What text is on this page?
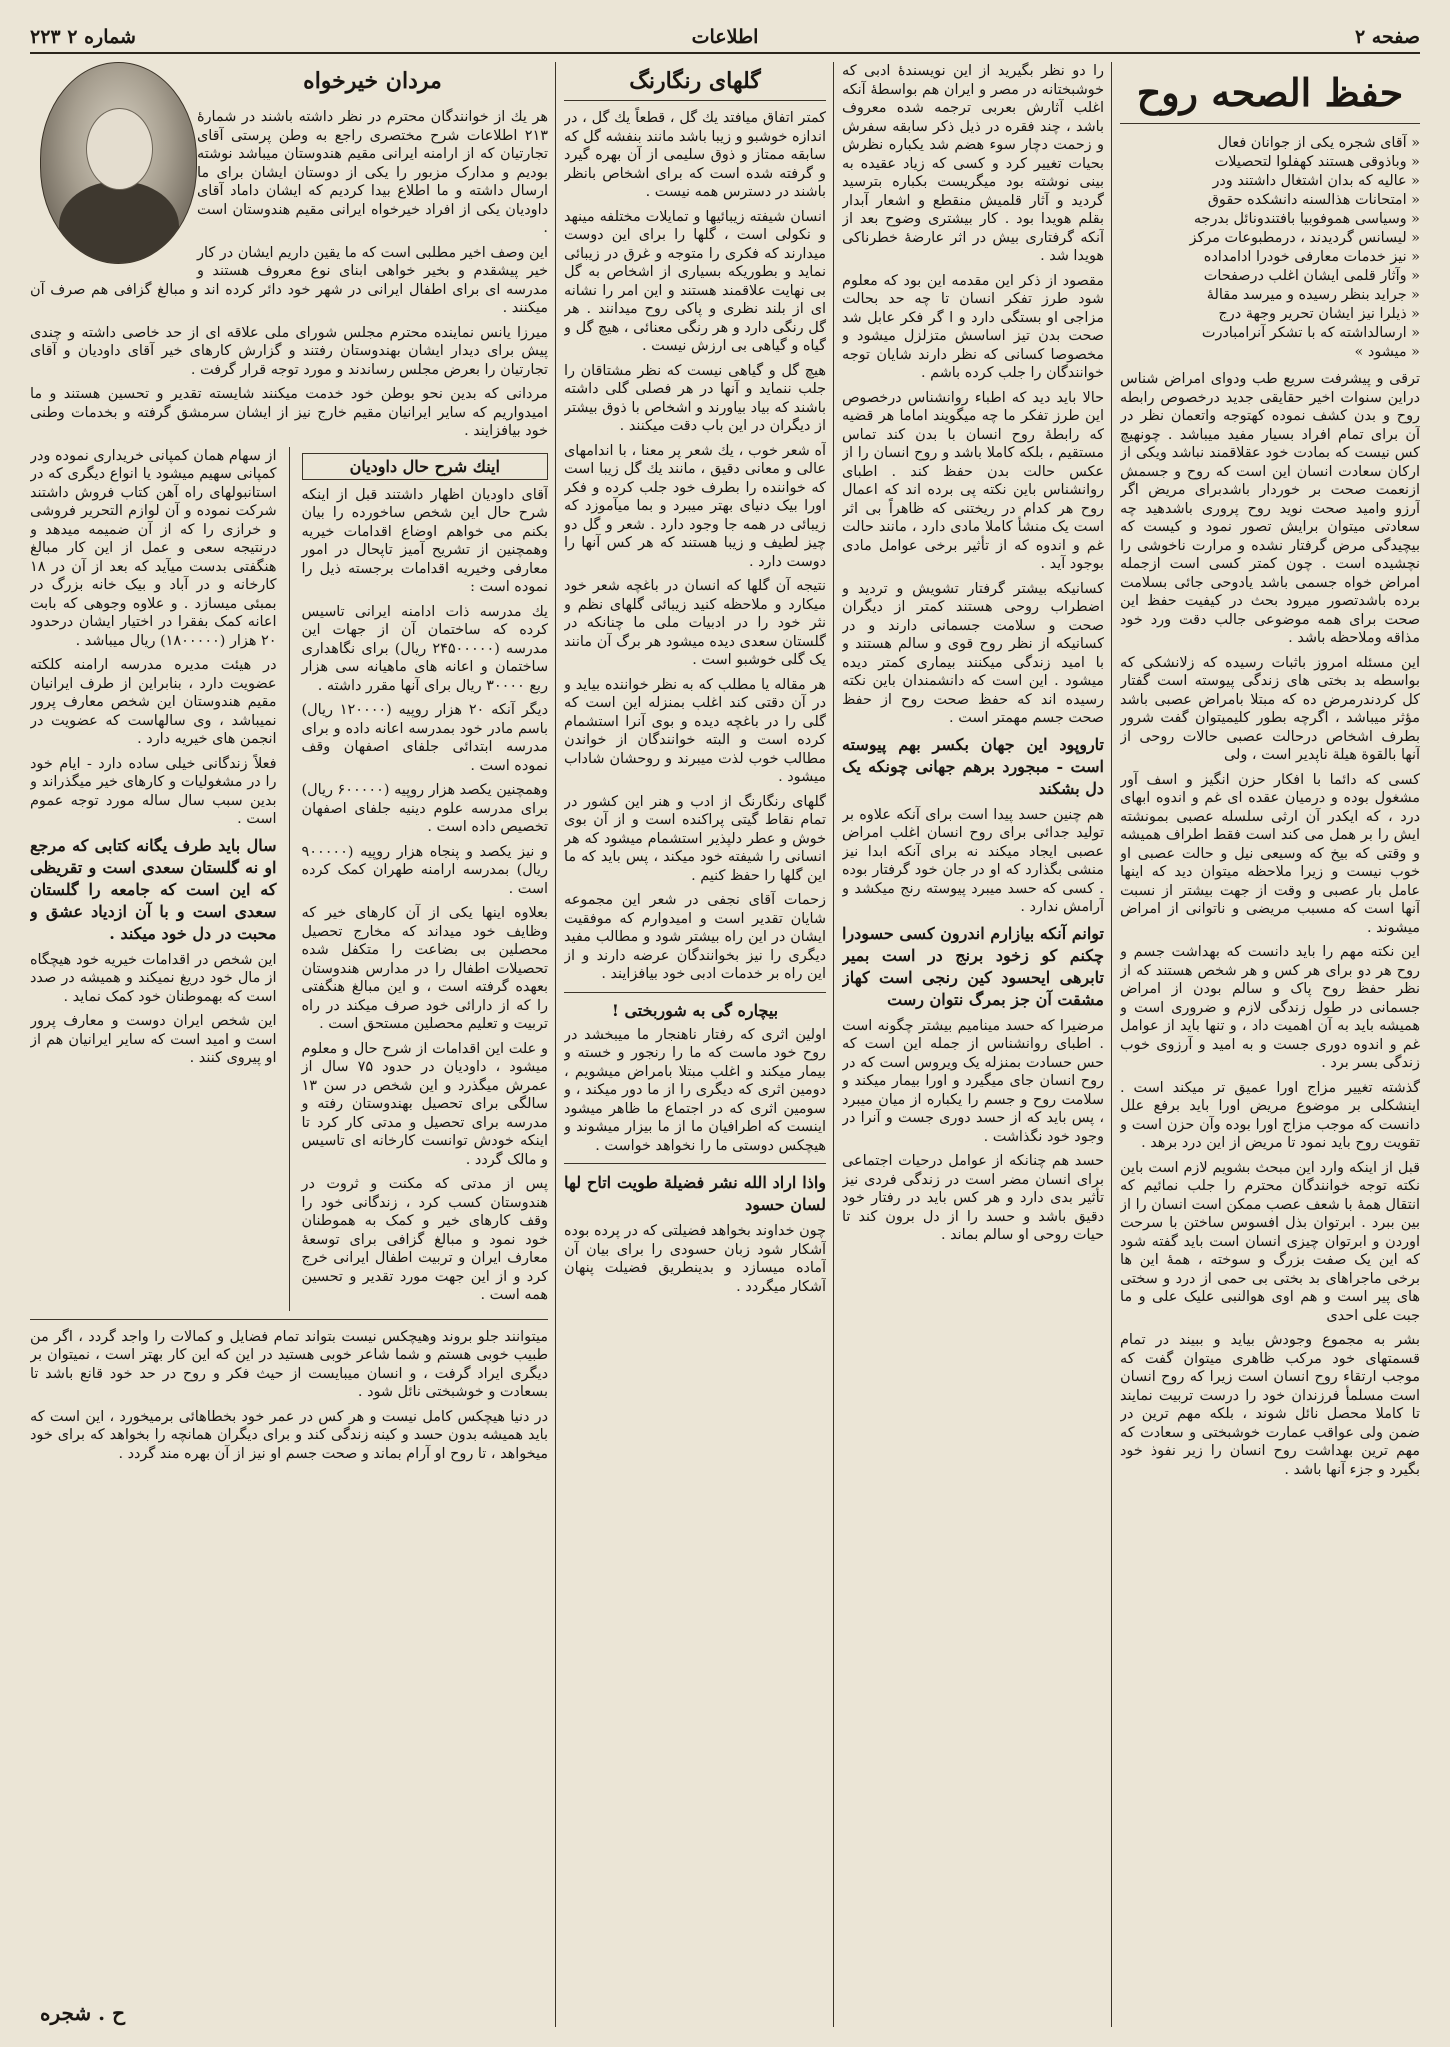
صفحه ۲
اطلاعات
شماره ۲ ۲۲۳
حفظ الصحه روح
« آقای شجره یکی از جوانان فعال
« وباذوقی هستند کهفلوا لتحصیلات
« عالیه که بدان اشتغال داشتند ودر
« امتحانات هذالسنه دانشکده حقوق
« وسیاسی هموفوبیا بافتندونائل بدرجه
« لیسانس گردیدند ، درمطبوعات مرکز
« نیز خدمات معارفی خودرا ادامداده
« وآثار قلمی ایشان اغلب درصفحات
« جراید بنظر رسیده و میرسد مقالهٔ
« ذیلرا نیز ایشان تحریر وجهة درج
« ارسالداشته که با تشکر آنرامبادرت
« میشود »

ترقی و پیشرفت سریع طب ودوای امراض شناس دراین سنوات اخیر حقایقی جدید درخصوص رابطه روح و بدن کشف نموده کهتوجه واتعمان نظر در آن برای تمام افراد بسیار مفید میباشد . چونهیچ کس نیست که بمادت خود عقلاقمند نباشد ویکی از ارکان سعادت انسان این است که روح و جسمش ازنعمت صحت بر خوردار باشدبرای مریض اگر آرزو وامید صحت نوید روح پروری باشدهید چه سعادتی میتوان برایش تصور نمود و کیست که بیچیدگی مرض گرفتار نشده و مرارت ناخوشی را نچشیده است . چون کمتر کسی است ازجمله امراض خواه جسمی باشد یادوحی جائی بسلامت برده باشدتصور میرود بحث در کیفیت حفظ این صحت برای همه موضوعی جالب دقت ورد خود مذاقه وملاحظه باشد .

این مسئله امروز باثبات رسیده که زلانشکی که بواسطه بد بختی های زندگی پیوسته است گفتار کل کردندرمرض ده که مبتلا بامراض عصبی باشد مؤثر میباشد ، اگرچه بطور کلیمیتوان گفت شرور بطرف اشخاص درحالت عصبی حالات روحی از آنها بالقوة هیلة ناپدیر است ، ولی

کسی که دائما با افکار حزن انگیز و اسف آور مشغول بوده و درمیان عقده ای غم و اندوه ابهای درد ، که ایکدر آن ارثی سلسله عصبی بمونشته ایش را بر همل می کند است فقط اطراف همیشه و وقتی که بیخ که وسیعی نیل و حالت عصبی او خوب نیست و زیرا ملاحظه میتوان دید که اینها عامل بار عصبی و وقت از جهت بیشتر از نسبت آنها است که مسبب مریضی و ناتوانی از امراض میشوند .

این نکته مهم را باید دانست که بهداشت جسم و روح هر دو برای هر کس و هر شخص هستند که از نظر حفظ روح پاک و سالم بودن از امراض جسمانی در طول زندگی لازم و ضروری است و همیشه باید به آن اهمیت داد ، و تنها باید از عوامل غم و اندوه دوری جست و به امید و آرزوی خوب زندگی بسر برد .

گذشته تغییر مزاج اورا عمیق تر میکند است . اینشکلی بر موضوع مریض اورا باید برفع علل دانست که موجب مزاج اورا بوده وآن حزن است و تقویت روح باید نمود تا مریض از این درد برهد .

قبل از اینکه وارد این مبحث بشویم لازم است باین نکته توجه خوانندگان محترم را جلب نمائیم که انتقال همهٔ با شعف عصب ممکن است انسان را از بین ببرد . ابرتوان بذل افسوس ساختن با سرحت اوردن و ابرتوان چیزی انسان است باید گفته شود که این یک صفت بزرگ و سوخته ، همهٔ این ها برخی ماجراهای بد بختی بی حمی از درد و سختی های پیر است و هم اوی هوالنبی علیک علی و ما جبت علی احدی

بشر به مجموع وجودش بیاید و ببیند در تمام قسمتهای خود مرکب ظاهری میتوان گفت که موجب ارتقاء روح انسان است زیرا که روح انسان است مسلمأ فرزندان خود را درست تربیت نمایند تا کاملا محصل نائل شوند ، بلکه مهم ترین در ضمن ولی عواقب عمارت خوشبختی و سعادت که مهم ترین بهداشت روح انسان را زیر نفوذ خود بگیرد و جزء آنها باشد .

را دو نظر بگیرید از این نویسندهٔ ادبی که خوشبختانه در مصر و ایران هم بواسطهٔ آنکه اغلب آثارش بعربی ترجمه شده معروف باشد ، چند فقره در ذیل ذکر سابقه سفرش و زحمت دچار سوء هضم شد یکباره نظرش بحیات تغییر کرد و کسی که زیاد عقیده به بینی نوشته بود میگریست بکباره بترسید گردید و آثار قلمیش منقطع و اشعار آبدار بقلم هویدا بود . کار بیشتری وضوح بعد از آنکه گرفتاری بیش در اثر عارضهٔ خطرناکی هویدا شد .

مقصود از ذکر این مقدمه این بود که معلوم شود طرز تفکر انسان تا چه حد بحالت مزاجی او بستگی دارد و ا گر فکر عابل شد صحت بدن تیز اساسش متزلزل میشود و مخصوصا کسانی که نظر دارند شایان توجه خوانندگان را جلب کرده باشم .

حالا باید دید که اطباء روانشناس درخصوص این طرز تفکر ما چه میگویند اماما هر قضیه که رابطهٔ روح انسان با بدن کند تماس مستقیم ، بلکه کاملا باشد و روح انسان را از عکس حالت بدن حفظ کند . اطبای روانشناس باین نکته پی برده اند که اعمال روح هر کدام در ریختنی که ظاهراً بی اثر است یک منشأ کاملا مادی دارد ، مانند حالت غم و اندوه که از تأثیر برخی عوامل مادی بوجود آید .

کسانیکه بیشتر گرفتار تشویش و تردید و اضطراب روحی هستند کمتر از دیگران صحت و سلامت جسمانی دارند و در کسانیکه از نظر روح قوی و سالم هستند و با امید زندگی میکنند بیماری کمتر دیده میشود . این است که دانشمندان باین نکته رسیده اند که حفظ صحت روح از حفظ صحت جسم مهمتر است .

تاروپود این جهان بکسر بهم پیوسته است - مبجورد برهم جهانی چونکه یک دل بشکند

هم چنین حسد پیدا است برای آنکه علاوه بر تولید جدائی برای روح انسان اغلب امراض عصبی ایجاد میکند نه برای آنکه ابدا نیز منشی بگذارد که او در جان خود گرفتار بوده . کسی که حسد میبرد پیوسته رنج میکشد و آرامش ندارد .

توانم آنکه بیازارم اندرون کسی حسودرا چکنم کو زخود برنج در است بمیر تابرهی ایحسود کین رنجی است کهاز مشقت آن جز بمرگ نتوان رست

مرضیرا که حسد مینامیم بیشتر چگونه است . اطبای روانشناس از جمله این است که حس حسادت بمنزله یک ویروس است که در روح انسان جای میگیرد و اورا بیمار میکند و سلامت روح و جسم را یکباره از میان میبرد ، پس باید که از حسد دوری جست و آنرا در وجود خود نگذاشت .

حسد هم چنانکه از عوامل درحیات اجتماعی برای انسان مضر است در زندگی فردی نیز تأثیر بدی دارد و هر کس باید در رفتار خود دقیق باشد و حسد را از دل برون کند تا حیات روحی او سالم بماند .

گلهای رنگارنگ

کمتر اتفاق میافتد یك گل ، قطعاً یك گل ، در اندازه خوشبو و زیبا باشد مانند بنفشه گل که سابقه ممتاز و ذوق سلیمی از آن بهره گیرد و گرفته شده است که برای اشخاص بانظر باشند در دسترس همه نیست .

انسان شیفته زیبائیها و تمایلات مختلفه مینهد و نکولی است ، گلها را برای این دوست میدارند که فکری را متوجه و غرق در زیبائی نماید و بطوریکه بسیاری از اشخاص به گل بی نهایت علاقمند هستند و این امر را نشانه ای از بلند نظری و پاکی روح میدانند . هر گل رنگی دارد و هر رنگی معنائی ، هیچ گل و گیاه و گیاهی بی ارزش نیست .

هیچ گل و گیاهی نیست که نظر مشتاقان را جلب ننماید و آنها در هر فصلی گلی داشته باشند که بیاد بیاورند و اشخاص با ذوق بیشتر از دیگران در این باب دقت میکنند .

آه شعر خوب ، یك شعر پر معنا ، با اندامهای عالی و معانی دقیق ، مانند یك گل زیبا است که خواننده را بطرف خود جلب کرده و فکر اورا بیک دنیای بهتر میبرد و بما میآموزد که زیبائی در همه جا وجود دارد . شعر و گل دو چیز لطیف و زیبا هستند که هر کس آنها را دوست دارد .

نتیجه آن گلها که انسان در باغچه شعر خود میکارد و ملاحظه کنید زیبائی گلهای نظم و نثر خود را در ادبیات ملی ما چنانکه در گلستان سعدی دیده میشود هر برگ آن مانند یک گلی خوشبو است .

هر مقاله یا مطلب که به نظر خواننده بیاید و در آن دقتی کند اغلب بمنزله این است که گلی را در باغچه دیده و بوی آنرا استشمام کرده است و البته خوانندگان از خواندن مطالب خوب لذت میبرند و روحشان شاداب میشود .

گلهای رنگارنگ از ادب و هنر این کشور در تمام نقاط گیتی پراکنده است و از آن بوی خوش و عطر دلپذیر استشمام میشود که هر انسانی را شیفته خود میکند ، پس باید که ما این گلها را حفظ کنیم .

زحمات آقای نجفی در شعر این مجموعه شایان تقدیر است و امیدوارم که موفقیت ایشان در این راه بیشتر شود و مطالب مفید دیگری را نیز بخوانندگان عرضه دارند و از این راه بر خدمات ادبی خود بیافزایند .

بیچاره گی به شوربختی !

اولین اثری که رفتار ناهنجار ما میبخشد در روح خود ماست که ما را رنجور و خسته و بیمار میکند و اغلب مبتلا بامراض میشویم ، دومین اثری که دیگری را از ما دور میکند ، و سومین اثری که در اجتماع ما ظاهر میشود اینست که اطرافیان ما از ما بیزار میشوند و هیچکس دوستی ما را نخواهد خواست .

واذا اراد الله نشر فضیلة طویت اتاح لها لسان حسود

چون خداوند بخواهد فضیلتی که در پرده بوده آشکار شود زبان حسودی را برای بیان آن آماده میسازد و بدینطریق فضیلت پنهان آشکار میگردد .

مردان خیرخواه

هر یك از خوانندگان محترم در نظر داشته باشند در شمارهٔ ۲۱۳ اطلاعات شرح مختصری راجع به وطن پرستی آقای تجارتیان که از ارامنه ایرانی مقیم هندوستان میباشد نوشته بودیم و مدارک مزبور را یکی از دوستان ایشان برای ما ارسال داشته و ما اطلاع بیدا کردیم که ایشان داماد آقای داودیان یکی از افراد خیرخواه ایرانی مقیم هندوستان است .

این وصف اخیر مطلبی است که ما یقین داریم ایشان در کار خیر پیشقدم و بخیر خواهی ابنای نوع معروف هستند و مدرسه ای برای اطفال ایرانی در شهر خود دائر کرده اند و مبالغ گزافی هم صرف آن میکنند .

میرزا یانس نماینده محترم مجلس شورای ملی علاقه ای از حد خاصی داشته و چندی پیش برای دیدار ایشان بهندوستان رفتند و گزارش کارهای خیر آقای داودیان و آقای تجارتیان را بعرض مجلس رساندند و مورد توجه قرار گرفت .

مردانی که بدین نحو بوطن خود خدمت میکنند شایسته تقدیر و تحسین هستند و ما امیدواریم که سایر ایرانیان مقیم خارج نیز از ایشان سرمشق گرفته و بخدمات وطنی خود بیافزایند .

اینك شرح حال داودیان

آقای داودیان اظهار داشتند قبل از اینکه شرح حال این شخص ساخورده را بیان بکنم می خواهم اوضاع اقدامات خیریه وهمچنین از تشریح آمیز تاپحال در امور معارفی وخیریه اقدامات برجسته ذیل را نموده است :

یك مدرسه ذات ادامنه ایرانی تاسیس کرده که ساختمان آن از جهات این مدرسه (۲۴۵۰۰۰۰۰ ریال) برای نگاهداری ساختمان و اعانه های ماهیانه سی هزار ربع ۳۰۰۰۰ ریال برای آنها مقرر داشته .

دیگر آنکه ۲۰ هزار روپیه (۱۲۰۰۰۰ ریال) باسم مادر خود بمدرسه اعانه داده و برای مدرسه ابتدائی جلفای اصفهان وقف نموده است .

وهمچنین یکصد هزار روپیه (۶۰۰۰۰۰ ریال) برای مدرسه علوم دینیه جلفای اصفهان تخصیص داده است .

و نیز یکصد و پنجاه هزار روپیه (۹۰۰۰۰۰ ریال) بمدرسه ارامنه طهران کمک کرده است .

بعلاوه اینها یکی از آن کارهای خیر که وظایف خود میداند که مخارج تحصیل محصلین بی بضاعت را متکفل شده تحصیلات اطفال را در مدارس هندوستان بعهده گرفته است ، و این مبالغ هنگفتی را که از دارائی خود صرف میکند در راه تربیت و تعلیم محصلین مستحق است .

و علت این اقدامات از شرح حال و معلوم میشود ، داودیان در حدود ۷۵ سال از عمرش میگذرد و این شخص در سن ۱۳ سالگی برای تحصیل بهندوستان رفته و مدرسه برای تحصیل و مدتی کار کرد تا اینکه خودش توانست کارخانه ای تاسیس و مالک گردد .

پس از مدتی که مکنت و ثروت در هندوستان کسب کرد ، زندگانی خود را وقف کارهای خیر و کمک به هموطنان خود نمود و مبالغ گزافی برای توسعهٔ معارف ایران و تربیت اطفال ایرانی خرج کرد و از این جهت مورد تقدیر و تحسین همه است .

از سهام همان کمپانی خریداری نموده ودر کمپانی سهیم میشود یا انواع دیگری که در استانبولهای راه آهن کتاب فروش داشتند شرکت نموده و آن لوازم التحریر فروشی و خرازی را که از آن ضمیمه میدهد و درنتیجه سعی و عمل از این کار مبالغ هنگفتی بدست میآید که بعد از آن در ۱۸ کارخانه و در آباد و بیک خانه بزرگ در بمبئی میسازد . و علاوه وجوهی که بابت اعانه کمک بفقرا در اختیار ایشان درحدود ۲۰ هزار (۱۸۰۰۰۰۰) ریال میباشد .

در هیئت مدیره مدرسه ارامنه کلکته عضویت دارد ، بنابراین از طرف ایرانیان مقیم هندوستان این شخص معارف پرور نمیباشد ، وی سالهاست که عضویت در انجمن های خیریه دارد .

فعلاً زندگانی خیلی ساده دارد - ایام خود را در مشغولیات و کارهای خیر میگذراند و بدین سبب سال ساله مورد توجه عموم است .

سال باید طرف یگانه کتابی که مرجع او نه گلستان سعدی است و تقریظی که این است که جامعه را گلستان سعدی است و با آن ازدیاد عشق و محبت در دل خود میکند .

این شخص در اقدامات خیریه خود هیچگاه از مال خود دریغ نمیکند و همیشه در صدد است که بهموطنان خود کمک نماید .

این شخص ایران دوست و معارف پرور است و امید است که سایر ایرانیان هم از او پیروی کنند .

میتوانند جلو بروند وهیچکس نیست بتواند تمام فضایل و کمالات را واجد گردد ، اگر من طبیب خوبی هستم و شما شاعر خوبی هستید در این که این کار بهتر است ، نمیتوان بر دیگری ایراد گرفت ، و انسان میبایست از حیث فکر و روح در حد خود قانع باشد تا بسعادت و خوشبختی نائل شود .

در دنیا هیچکس کامل نیست و هر کس در عمر خود بخطاهائی برمیخورد ، این است که باید همیشه بدون حسد و کینه زندگی کند و برای دیگران همانچه را بخواهد که برای خود میخواهد ، تا روح او آرام بماند و صحت جسم او نیز از آن بهره مند گردد .

ح . شجره
